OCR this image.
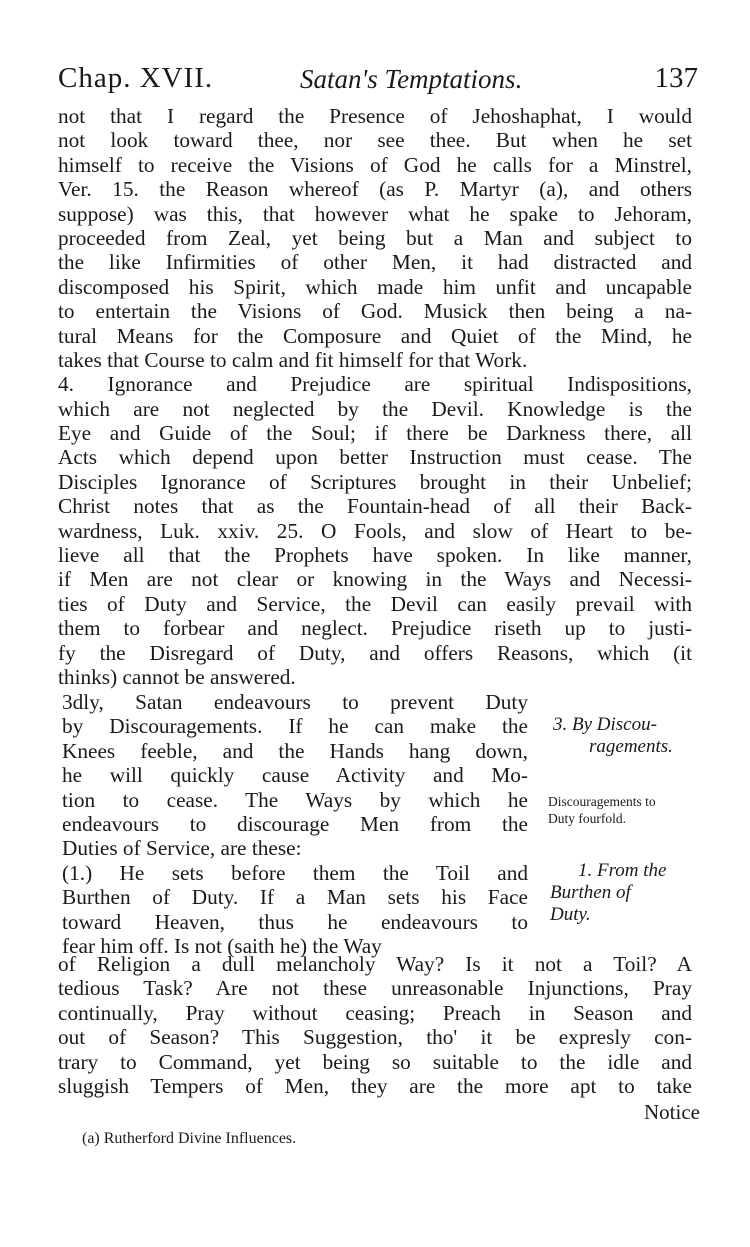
Chap. XVII.	Satan's Temptations.	137
not that I regard the Presence of Jehoshaphat, I would
not look toward thee, nor see thee. But when he set
himself to receive the Visions of God he calls for a Minstrel,
Ver. 15. the Reason whereof (as P. Martyr (a), and others
suppose) was this, that however what he spake to Jehoram,
proceeded from Zeal, yet being but a Man and subject to
the like Infirmities of other Men, it had distracted and
discomposed his Spirit, which made him unfit and uncapable
to entertain the Visions of God. Musick then being a na-
tural Means for the Composure and Quiet of the Mind, he
takes that Course to calm and fit himself for that Work.
4. Ignorance and Prejudice are spiritual Indispositions,
which are not neglected by the Devil. Knowledge is the
Eye and Guide of the Soul; if there be Darkness there, all
Acts which depend upon better Instruction must cease. The
Disciples Ignorance of Scriptures brought in their Unbelief;
Christ notes that as the Fountain-head of all their Back-
wardness, Luk. xxiv. 25. O Fools, and slow of Heart to be-
lieve all that the Prophets have spoken. In like manner,
if Men are not clear or knowing in the Ways and Necessi-
ties of Duty and Service, the Devil can easily prevail with
them to forbear and neglect. Prejudice riseth up to justi-
fy the Disregard of Duty, and offers Reasons, which (it
thinks) cannot be answered.
3dly, Satan endeavours to prevent Duty
by Discouragements. If he can make the
Knees feeble, and the Hands hang down,
he will quickly cause Activity and Mo-
tion to cease. The Ways by which he
endeavours to discourage Men from the
Duties of Service, are these:
(1.) He sets before them the Toil and
Burthen of Duty. If a Man sets his Face
toward Heaven, thus he endeavours to
fear him off. Is not (saith he) the Way
3. By Discou-
ragements.
Discouragements to
Duty fourfold.
1. From the
Burthen of
Duty.
of Religion a dull melancholy Way? Is it not a Toil? A
tedious Task? Are not these unreasonable Injunctions, Pray
continually, Pray without ceasing; Preach in Season and
out of Season? This Suggestion, tho' it be expresly con-
trary to Command, yet being so suitable to the idle and
sluggish Tempers of Men, they are the more apt to take
Notice
(a) Rutherford Divine Influences.
